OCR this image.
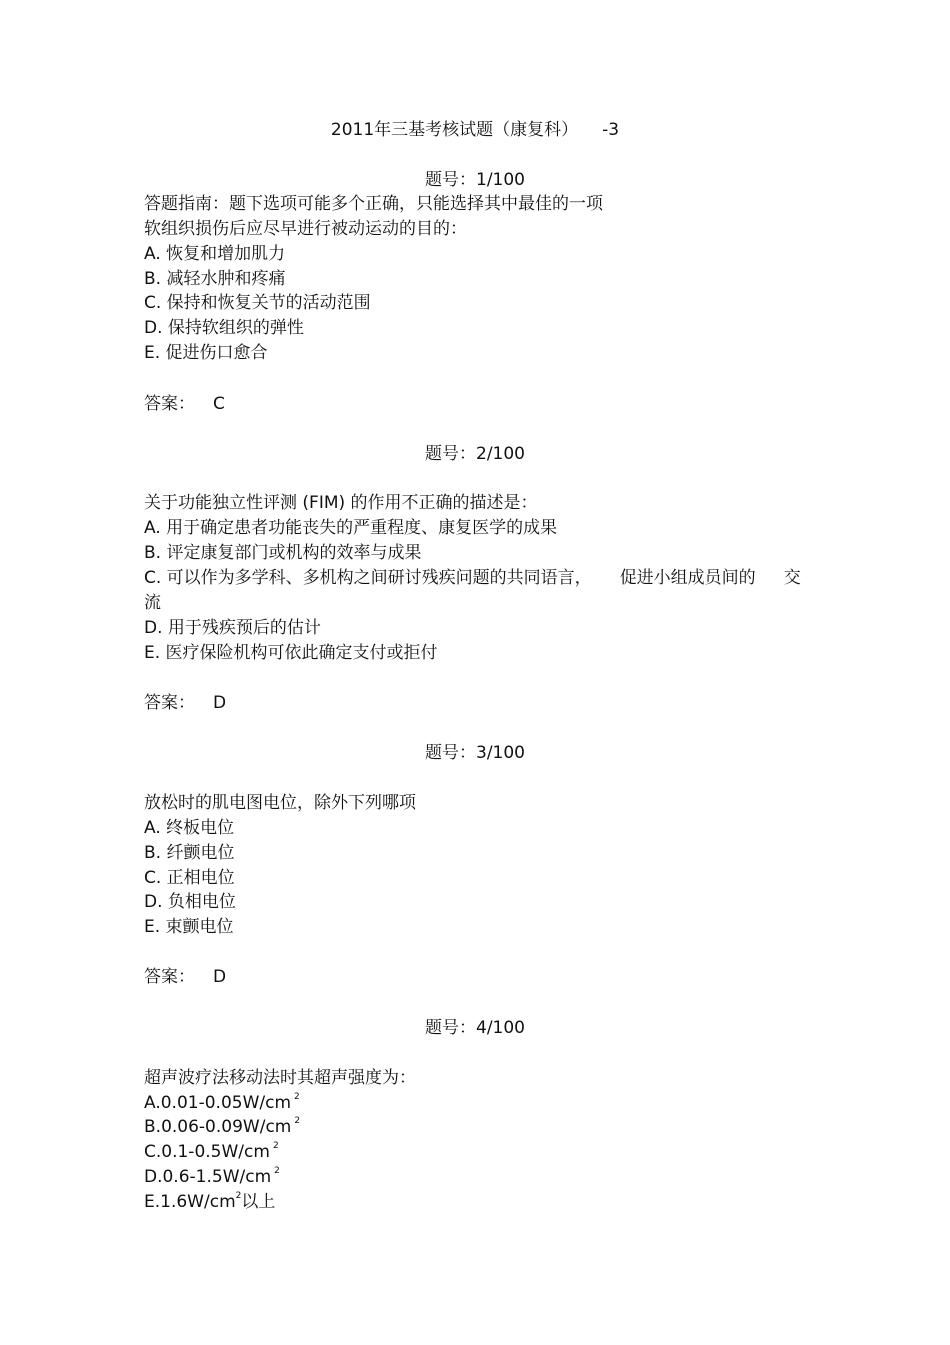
2011年三基考核试题（康复科） -3
题号：1/100
答题指南：题下选项可能多个正确，只能选择其中最佳的一项
软组织损伤后应尽早进行被动运动的目的：
A. 恢复和增加肌力
B. 减轻水肿和疼痛
C. 保持和恢复关节的活动范围
D. 保持软组织的弹性
E. 促进伤口愈合
答案： C
题号：2/100
关于功能独立性评测 (FIM) 的作用不正确的描述是：
A. 用于确定患者功能丧失的严重程度、康复医学的成果
B. 评定康复部门或机构的效率与成果
C. 可以作为多学科、多机构之间研讨残疾问题的共同语言， 促进小组成员间的 交
流
D. 用于残疾预后的估计
E. 医疗保险机构可依此确定支付或拒付
答案： D
题号：3/100
放松时的肌电图电位，除外下列哪项
A. 终板电位
B. 纤颤电位
C. 正相电位
D. 负相电位
E. 束颤电位
答案： D
题号：4/100
超声波疗法移动法时其超声强度为：
A.0.01-0.05W/cm $^2$
B.0.06-0.09W/cm $^2$
C.0.1-0.5W/cm $^2$
D.0.6-1.5W/cm $^2$
$E.1.6W/cm^2$以上
